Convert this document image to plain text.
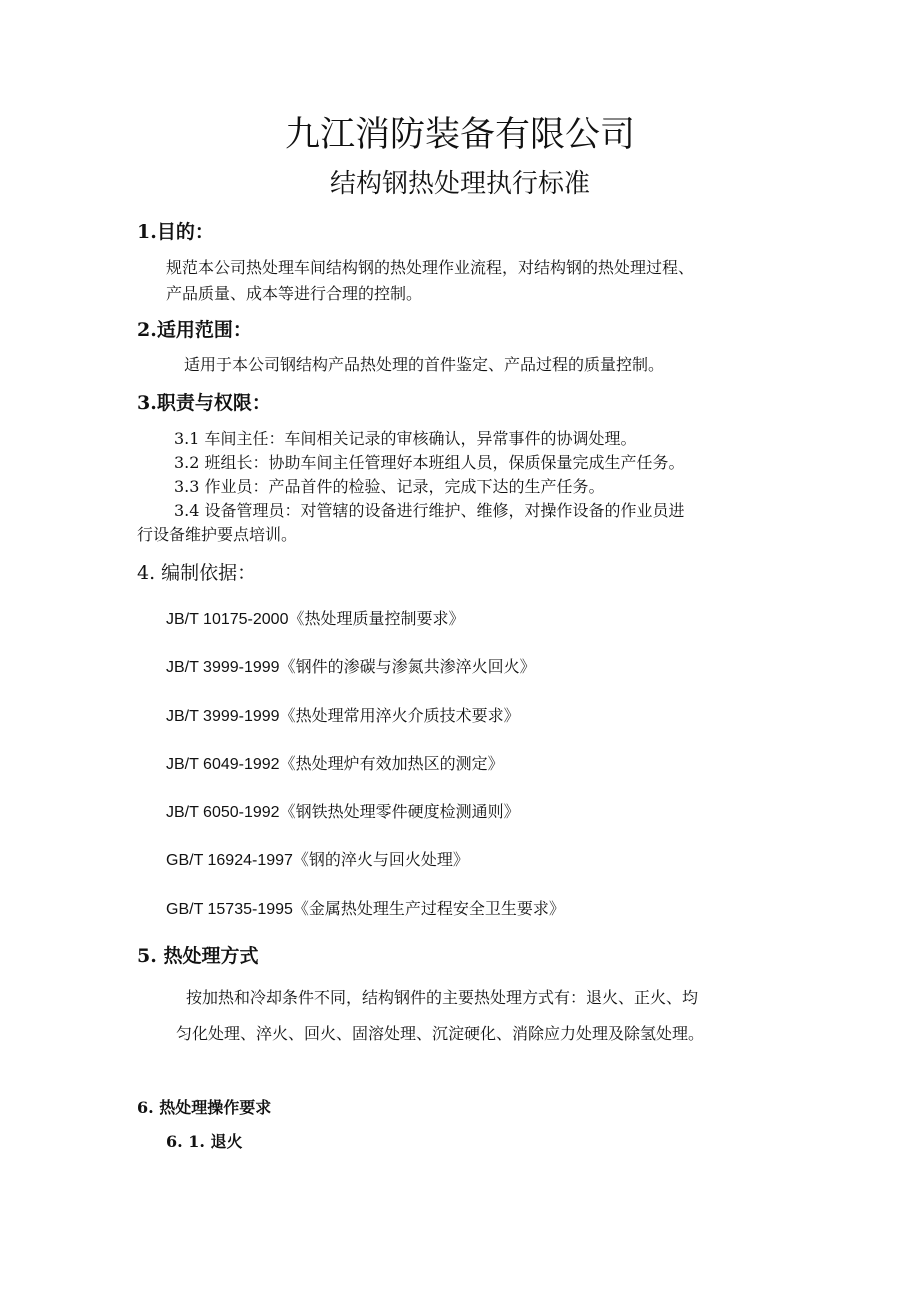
九江消防装备有限公司
结构钢热处理执行标准
1.目的：
规范本公司热处理车间结构钢的热处理作业流程，对结构钢的热处理过程、
产品质量、成本等进行合理的控制。
2.适用范围：
适用于本公司钢结构产品热处理的首件鉴定、产品过程的质量控制。
3.职责与权限：
3.1 车间主任：车间相关记录的审核确认，异常事件的协调处理。
3.2 班组长：协助车间主任管理好本班组人员，保质保量完成生产任务。
3.3 作业员：产品首件的检验、记录，完成下达的生产任务。
3.4 设备管理员：对管辖的设备进行维护、维修，对操作设备的作业员进
行设备维护要点培训。
4. 编制依据：
JB/T 10175-2000《热处理质量控制要求》
JB/T 3999-1999《钢件的渗碳与渗氮共渗淬火回火》
JB/T 3999-1999《热处理常用淬火介质技术要求》
JB/T 6049-1992《热处理炉有效加热区的测定》
JB/T 6050-1992《钢铁热处理零件硬度检测通则》
GB/T 16924-1997《钢的淬火与回火处理》
GB/T 15735-1995《金属热处理生产过程安全卫生要求》
5. 热处理方式
按加热和冷却条件不同，结构钢件的主要热处理方式有：退火、正火、均
匀化处理、淬火、回火、固溶处理、沉淀硬化、消除应力处理及除氢处理。
6. 热处理操作要求
6. 1. 退火
